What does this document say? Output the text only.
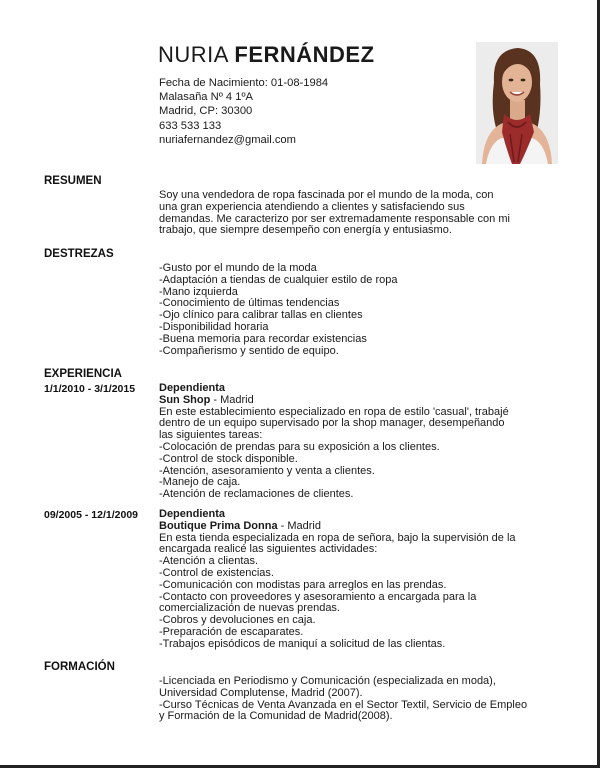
NURIA FERNÁNDEZ
Fecha de Nacimiento: 01-08-1984
Malasaña Nº 4 1ºA
Madrid, CP: 30300
633 533 133
nuriafernandez@gmail.com
RESUMEN
Soy una vendedora de ropa fascinada por el mundo de la moda, con
una gran experiencia atendiendo a clientes y satisfaciendo sus
demandas. Me caracterizo por ser extremadamente responsable con mi
trabajo, que siempre desempeño con energía y entusiasmo.
DESTREZAS
-Gusto por el mundo de la moda
-Adaptación a tiendas de cualquier estilo de ropa
-Mano izquierda
-Conocimiento de últimas tendencias
-Ojo clínico para calibrar tallas en clientes
-Disponibilidad horaria
-Buena memoria para recordar existencias
-Compañerismo y sentido de equipo.
EXPERIENCIA
1/1/2010 - 3/1/2015 Dependienta
Sun Shop - Madrid
En este establecimiento especializado en ropa de estilo 'casual', trabajé
dentro de un equipo supervisado por la shop manager, desempeñando
las siguientes tareas:
-Colocación de prendas para su exposición a los clientes.
-Control de stock disponible.
-Atención, asesoramiento y venta a clientes.
-Manejo de caja.
-Atención de reclamaciones de clientes.
09/2005 - 12/1/2009 Dependienta
Boutique Prima Donna - Madrid
En esta tienda especializada en ropa de señora, bajo la supervisión de la
encargada realicé las siguientes actividades:
-Atención a clientas.
-Control de existencias.
-Comunicación con modistas para arreglos en las prendas.
-Contacto con proveedores y asesoramiento a encargada para la
comercialización de nuevas prendas.
-Cobros y devoluciones en caja.
-Preparación de escaparates.
-Trabajos episódicos de maniquí a solicitud de las clientas.
FORMACIÓN
-Licenciada en Periodismo y Comunicación (especializada en moda),
Universidad Complutense, Madrid (2007).
-Curso Técnicas de Venta Avanzada en el Sector Textil, Servicio de Empleo
y Formación de la Comunidad de Madrid(2008).
